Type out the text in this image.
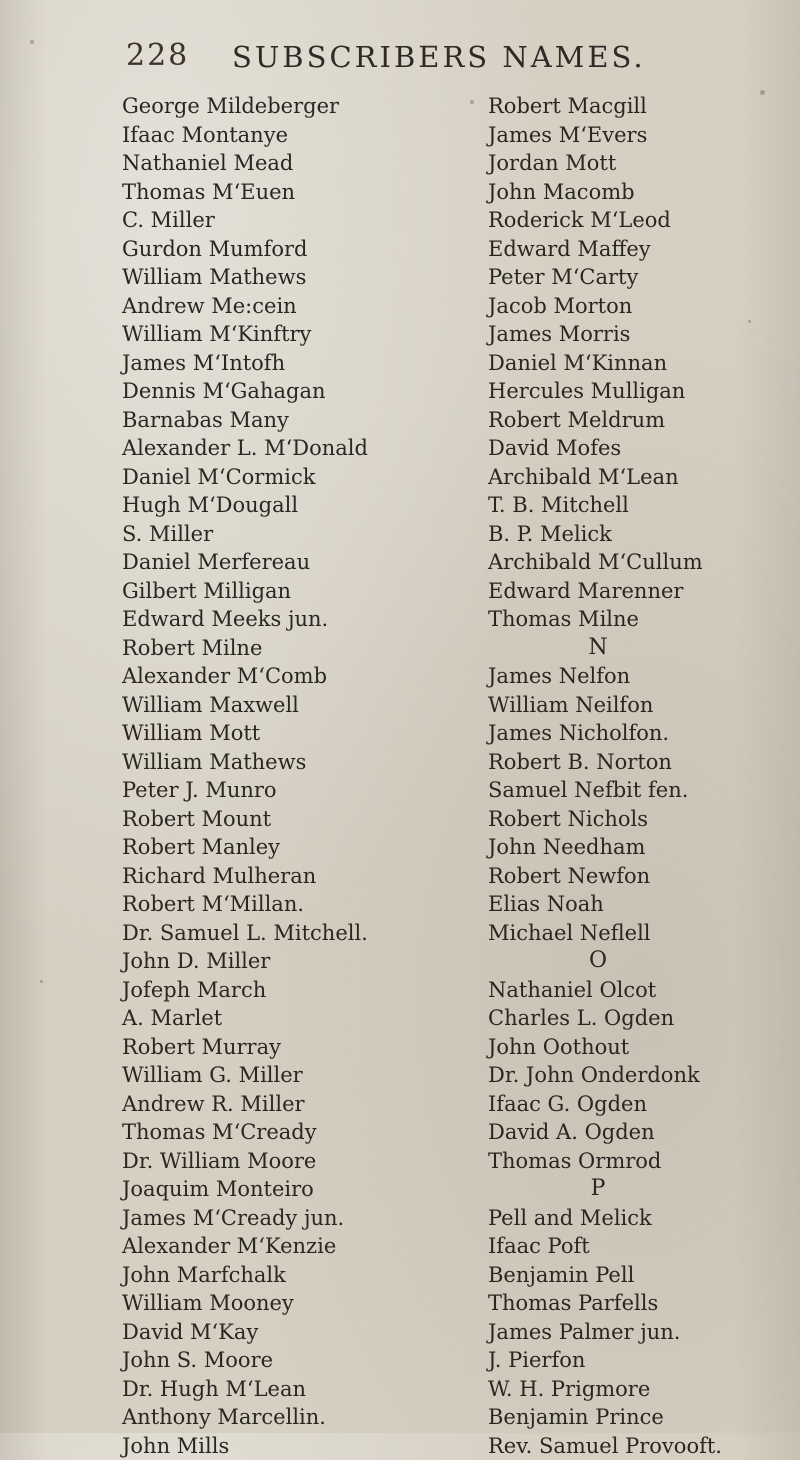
228 SUBSCRIBERS NAMES.
George Mildeberger
Ifaac Montanye
Nathaniel Mead
Thomas M‘Euen
C. Miller
Gurdon Mumford
William Mathews
Andrew Me:cein
William M‘Kinftry
James M‘Intofh
Dennis M‘Gahagan
Barnabas Many
Alexander L. M‘Donald
Daniel M‘Cormick
Hugh M‘Dougall
S. Miller
Daniel Merfereau
Gilbert Milligan
Edward Meeks jun.
Robert Milne
Alexander M‘Comb
William Maxwell
William Mott
William Mathews
Peter J. Munro
Robert Mount
Robert Manley
Richard Mulheran
Robert M‘Millan.
Dr. Samuel L. Mitchell.
John D. Miller
Jofeph March
A. Marlet
Robert Murray
William G. Miller
Andrew R. Miller
Thomas M‘Cready
Dr. William Moore
Joaquim Monteiro
James M‘Cready jun.
Alexander M‘Kenzie
John Marfchalk
William Mooney
David M‘Kay
John S. Moore
Dr. Hugh M‘Lean
Anthony Marcellin.
John Mills
Robert Macgill
James M‘Evers
Jordan Mott
John Macomb
Roderick M‘Leod
Edward Maffey
Peter M‘Carty
Jacob Morton
James Morris
Daniel M‘Kinnan
Hercules Mulligan
Robert Meldrum
David Mofes
Archibald M‘Lean
T. B. Mitchell
B. P. Melick
Archibald M‘Cullum
Edward Marenner
Thomas Milne
N
James Nelfon
William Neilfon
James Nicholfon.
Robert B. Norton
Samuel Nefbit fen.
Robert Nichols
John Needham
Robert Newfon
Elias Noah
Michael Neflell
O
Nathaniel Olcot
Charles L. Ogden
John Oothout
Dr. John Onderdonk
Ifaac G. Ogden
David A. Ogden
Thomas Ormrod
P
Pell and Melick
Ifaac Poft
Benjamin Pell
Thomas Parfells
James Palmer jun.
J. Pierfon
W. H. Prigmore
Benjamin Prince
Rev. Samuel Provooft.
